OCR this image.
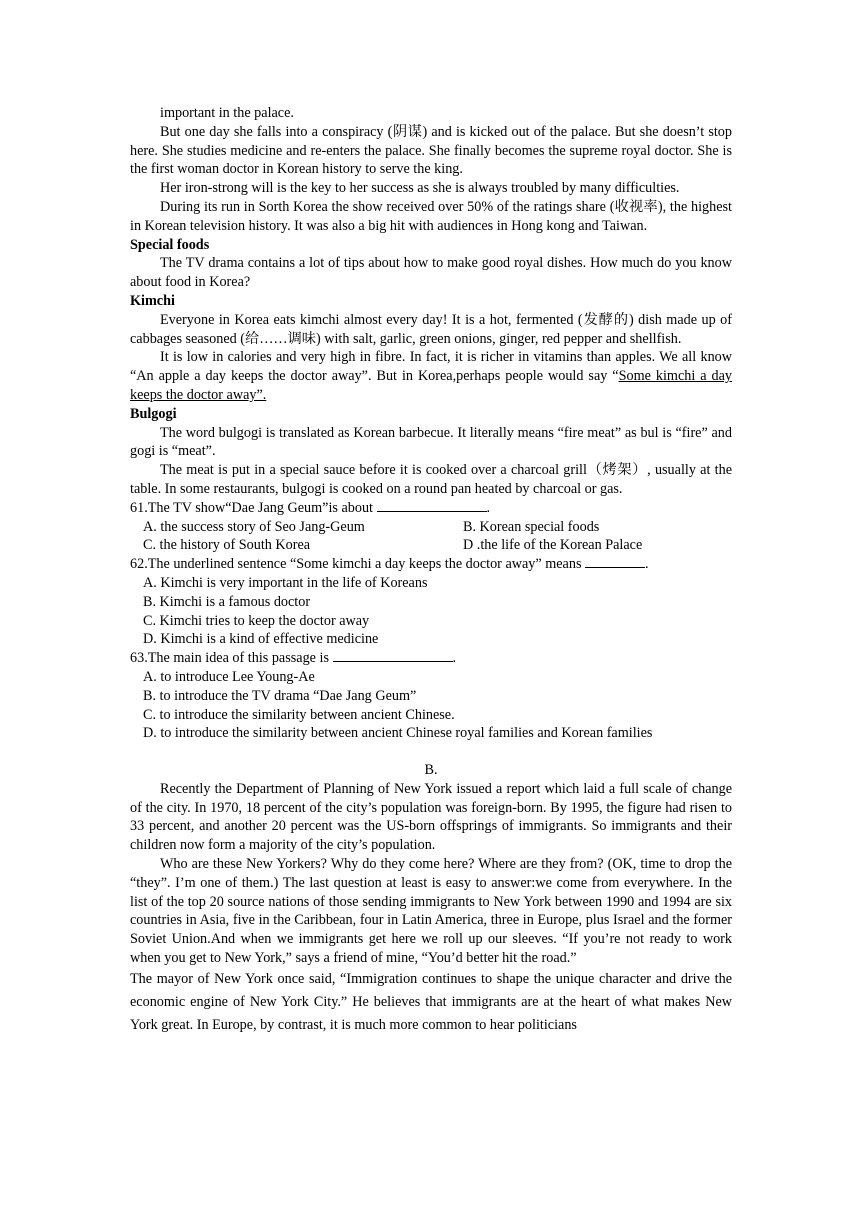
important in the palace.

But one day she falls into a conspiracy (阴谋) and is kicked out of the palace. But she doesn’t stop here. She studies medicine and re-enters the palace. She finally becomes the supreme royal doctor. She is the first woman doctor in Korean history to serve the king.

Her iron-strong will is the key to her success as she is always troubled by many difficulties.

During its run in Sorth Korea the show received over 50% of the ratings share (收视率), the highest in Korean television history. It was also a big hit with audiences in Hong kong and Taiwan.

Special foods

The TV drama contains a lot of tips about how to make good royal dishes. How much do you know about food in Korea?

Kimchi

Everyone in Korea eats kimchi almost every day! It is a hot, fermented (发酵的) dish made up of cabbages seasoned (给……调味) with salt, garlic, green onions, ginger, red pepper and shellfish.

It is low in calories and very high in fibre. In fact, it is richer in vitamins than apples. We all know “An apple a day keeps the doctor away”. But in Korea,perhaps people would say “Some kimchi a day keeps the doctor away”.

Bulgogi

The word bulgogi is translated as Korean barbecue. It literally means “fire meat” as bul is “fire” and gogi is “meat”.

The meat is put in a special sauce before it is cooked over a charcoal grill（烤架）, usually at the table. In some restaurants, bulgogi is cooked on a round pan heated by charcoal or gas.

61.The TV show“Dae Jang Geum”is about	.
A. the success story of Seo Jang-Geum	B. Korean special foods
C. the history of South Korea	D .the life of the Korean Palace
62.The underlined sentence “Some kimchi a day keeps the doctor away” means	.
A. Kimchi is very important in the life of Koreans
B. Kimchi is a famous doctor
C. Kimchi tries to keep the doctor away
D. Kimchi is a kind of effective medicine
63.The main idea of this passage is	.
A. to introduce Lee Young-Ae
B. to introduce the TV drama “Dae Jang Geum”
C. to introduce the similarity between ancient Chinese.
D. to introduce the similarity between ancient Chinese royal families and Korean families
B.

Recently the Department of Planning of New York issued a report which laid a full scale of change of the city. In 1970, 18 percent of the city’s population was foreign-born. By 1995, the figure had risen to 33 percent, and another 20 percent was the US-born offsprings of immigrants. So immigrants and their children now form a majority of the city’s population.

Who are these New Yorkers? Why do they come here? Where are they from? (OK, time to drop the “they”. I’m one of them.) The last question at least is easy to answer:we come from everywhere. In the list of the top 20 source nations of those sending immigrants to New York between 1990 and 1994 are six countries in Asia, five in the Caribbean, four in Latin America, three in Europe, plus Israel and the former Soviet Union.And when we immigrants get here we roll up our sleeves. “If you’re not ready to work when you get to New York,” says a friend of mine, “You’d better hit the road.”

The mayor of New York once said, “Immigration continues to shape the unique character and drive the economic engine of New York City.” He believes that immigrants are at the heart of what makes New York great. In Europe, by contrast, it is much more common to hear politicians
